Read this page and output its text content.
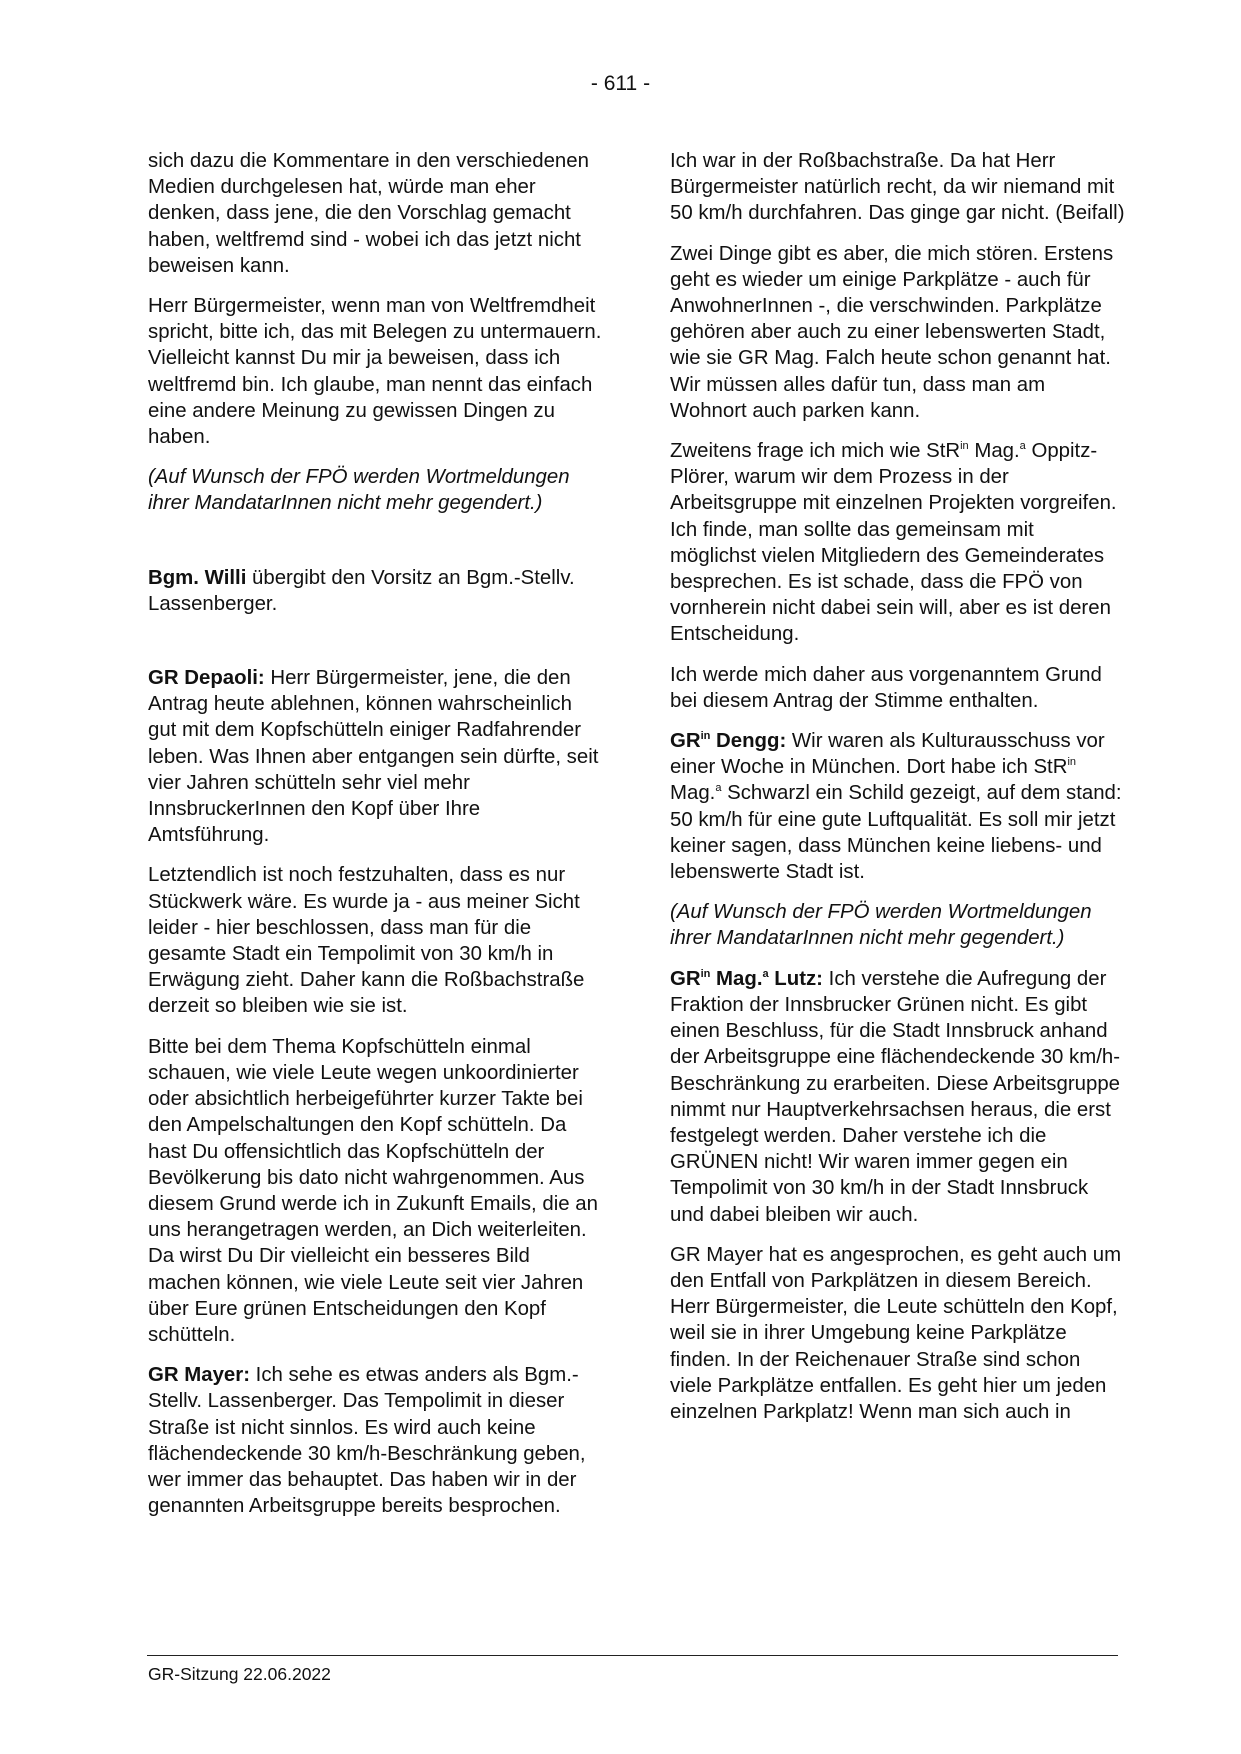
- 611 -

sich dazu die Kommentare in den verschiedenen Medien durchgelesen hat, würde man eher denken, dass jene, die den Vorschlag gemacht haben, weltfremd sind - wobei ich das jetzt nicht beweisen kann.

Herr Bürgermeister, wenn man von Weltfremdheit spricht, bitte ich, das mit Belegen zu untermauern. Vielleicht kannst Du mir ja beweisen, dass ich weltfremd bin. Ich glaube, man nennt das einfach eine andere Meinung zu gewissen Dingen zu haben.

(Auf Wunsch der FPÖ werden Wortmeldungen ihrer MandatarInnen nicht mehr gegendert.)

Bgm. Willi übergibt den Vorsitz an Bgm.-Stellv. Lassenberger.

GR Depaoli: Herr Bürgermeister, jene, die den Antrag heute ablehnen, können wahrscheinlich gut mit dem Kopfschütteln einiger Radfahrender leben. Was Ihnen aber entgangen sein dürfte, seit vier Jahren schütteln sehr viel mehr InnsbruckerInnen den Kopf über Ihre Amtsführung.

Letztendlich ist noch festzuhalten, dass es nur Stückwerk wäre. Es wurde ja - aus meiner Sicht leider - hier beschlossen, dass man für die gesamte Stadt ein Tempolimit von 30 km/h in Erwägung zieht. Daher kann die Roßbachstraße derzeit so bleiben wie sie ist.

Bitte bei dem Thema Kopfschütteln einmal schauen, wie viele Leute wegen unkoordinierter oder absichtlich herbeigeführter kurzer Takte bei den Ampelschaltungen den Kopf schütteln. Da hast Du offensichtlich das Kopfschütteln der Bevölkerung bis dato nicht wahrgenommen. Aus diesem Grund werde ich in Zukunft Emails, die an uns herangetragen werden, an Dich weiterleiten. Da wirst Du Dir vielleicht ein besseres Bild machen können, wie viele Leute seit vier Jahren über Eure grünen Entscheidungen den Kopf schütteln.

GR Mayer: Ich sehe es etwas anders als Bgm.-Stellv. Lassenberger. Das Tempolimit in dieser Straße ist nicht sinnlos. Es wird auch keine flächendeckende 30 km/h-Beschränkung geben, wer immer das behauptet. Das haben wir in der genannten Arbeitsgruppe bereits besprochen.

Ich war in der Roßbachstraße. Da hat Herr Bürgermeister natürlich recht, da wir niemand mit 50 km/h durchfahren. Das ginge gar nicht. (Beifall)

Zwei Dinge gibt es aber, die mich stören. Erstens geht es wieder um einige Parkplätze - auch für AnwohnerInnen -, die verschwinden. Parkplätze gehören aber auch zu einer lebenswerten Stadt, wie sie GR Mag. Falch heute schon genannt hat. Wir müssen alles dafür tun, dass man am Wohnort auch parken kann.

Zweitens frage ich mich wie StR$^{in}$ Mag.$^a$ Oppitz-Plörer, warum wir dem Prozess in der Arbeitsgruppe mit einzelnen Projekten vorgreifen. Ich finde, man sollte das gemeinsam mit möglichst vielen Mitgliedern des Gemeinderates besprechen. Es ist schade, dass die FPÖ von vornherein nicht dabei sein will, aber es ist deren Entscheidung.

Ich werde mich daher aus vorgenanntem Grund bei diesem Antrag der Stimme enthalten.

$GR^{in}$ Dengg: Wir waren als Kulturausschuss vor einer Woche in München. Dort habe ich StR$^{in}$ Mag.$^a$ Schwarzl ein Schild gezeigt, auf dem stand: 50 km/h für eine gute Luftqualität. Es soll mir jetzt keiner sagen, dass München keine liebens- und lebenswerte Stadt ist.

(Auf Wunsch der FPÖ werden Wortmeldungen ihrer MandatarInnen nicht mehr gegendert.)

$GR^{in}$ Mag.$^a$ Lutz: Ich verstehe die Aufregung der Fraktion der Innsbrucker Grünen nicht. Es gibt einen Beschluss, für die Stadt Innsbruck anhand der Arbeitsgruppe eine flächendeckende 30 km/h-Beschränkung zu erarbeiten. Diese Arbeitsgruppe nimmt nur Hauptverkehrsachsen heraus, die erst festgelegt werden. Daher verstehe ich die GRÜNEN nicht! Wir waren immer gegen ein Tempolimit von 30 km/h in der Stadt Innsbruck und dabei bleiben wir auch.

GR Mayer hat es angesprochen, es geht auch um den Entfall von Parkplätzen in diesem Bereich. Herr Bürgermeister, die Leute schütteln den Kopf, weil sie in ihrer Umgebung keine Parkplätze finden. In der Reichenauer Straße sind schon viele Parkplätze entfallen. Es geht hier um jeden einzelnen Parkplatz! Wenn man sich auch in

GR-Sitzung 22.06.2022
